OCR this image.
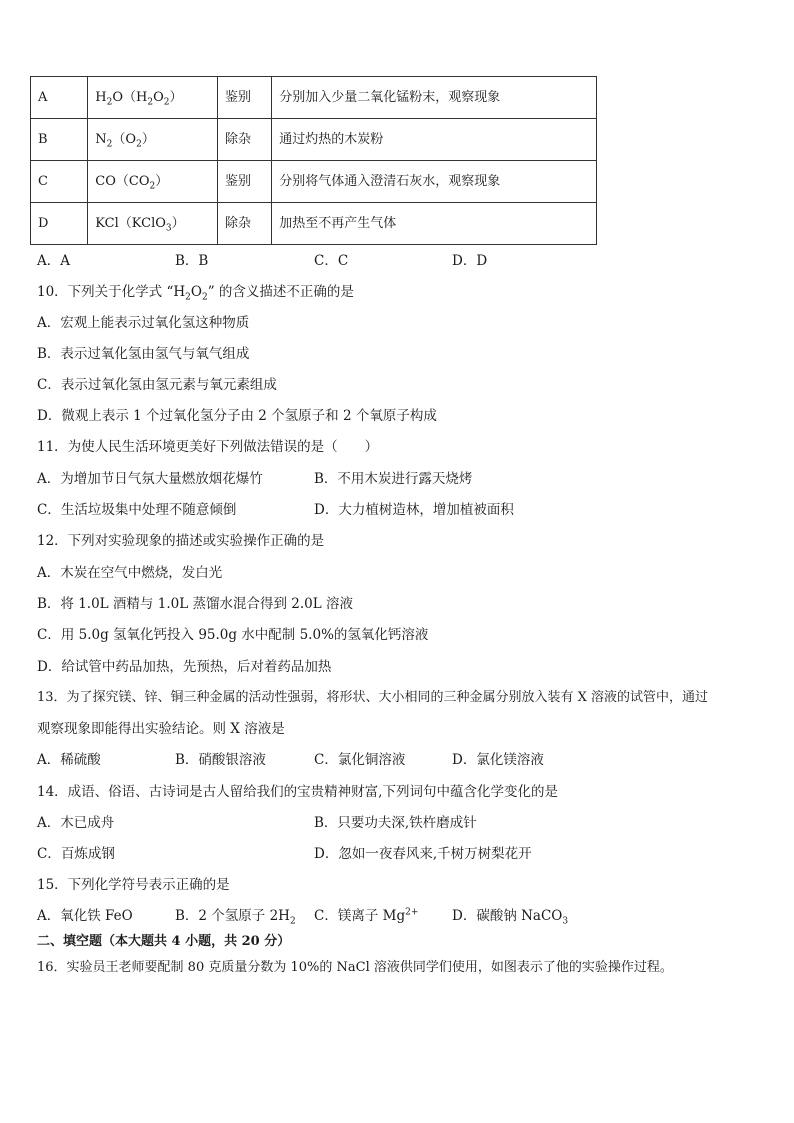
A	$H_2O(H_2O_2)$	鉴别	分别加入少量二氧化锰粉末，观察现象
B	$N_2(O_2)$	除杂	通过灼热的木炭粉
C	$CO(CO_2)$	鉴别	分别将气体通入澄清石灰水，观察现象
D	KCl（KClO$_3$）	除杂	加热至不再产生气体
A．A	B．B	C．C	D．D
10．下列关于化学式 “$H_2O_2$” 的含义描述不正确的是
A．宏观上能表示过氧化氢这种物质
B．表示过氧化氢由氢气与氧气组成
C．表示过氧化氢由氢元素与氧元素组成
D．微观上表示 1 个过氧化氢分子由 2 个氢原子和 2 个氧原子构成
11．为使人民生活环境更美好下列做法错误的是（　　）
A．为增加节日气氛大量燃放烟花爆竹	B．不用木炭进行露天烧烤
C．生活垃圾集中处理不随意倾倒	D．大力植树造林，增加植被面积
12．下列对实验现象的描述或实验操作正确的是
A．木炭在空气中燃烧，发白光
B．将 1.0L 酒精与 1.0L 蒸馏水混合得到 2.0L 溶液
C．用 5.0g 氢氧化钙投入 95.0g 水中配制 5.0%的氢氧化钙溶液
D．给试管中药品加热，先预热，后对着药品加热
13．为了探究镁、锌、铜三种金属的活动性强弱，将形状、大小相同的三种金属分别放入装有 X 溶液的试管中，通过
观察现象即能得出实验结论。则 X 溶液是
A．稀硫酸	B．硝酸银溶液	C．氯化铜溶液	D．氯化镁溶液
14．成语、俗语、古诗词是古人留给我们的宝贵精神财富,下列词句中蕴含化学变化的是
A．木已成舟	B．只要功夫深,铁杵磨成针
C．百炼成钢	D．忽如一夜春风来,千树万树梨花开
15．下列化学符号表示正确的是
A．氧化铁 FeO	B．2 个氢原子 $2H_2$ C．镁离子 $Mg^{2+}$ D．碳酸钠 NaCO$_3$
二、填空题（本大题共 4 小题，共 20 分）
16．实验员王老师要配制 80 克质量分数为 10%的 NaCl 溶液供同学们使用，如图表示了他的实验操作过程。
